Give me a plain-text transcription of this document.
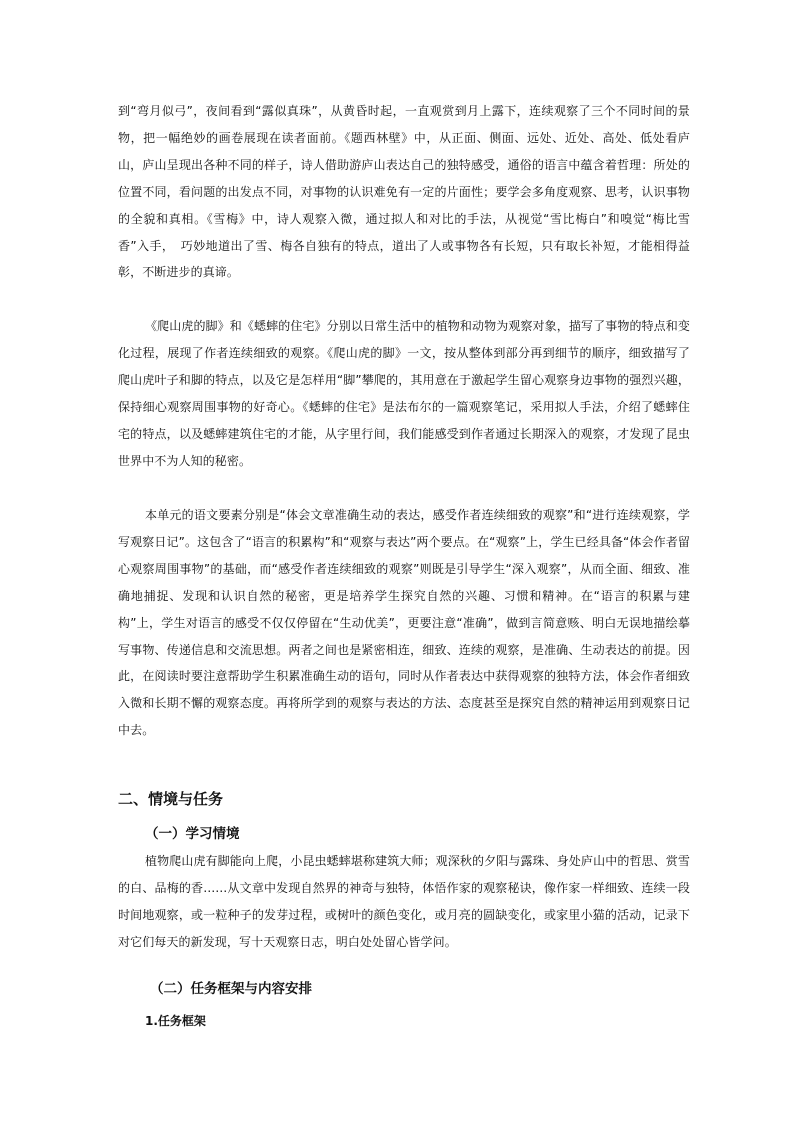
到“弯月似弓”，夜间看到“露似真珠”，从黄昏时起，一直观赏到月上露下，连续观察了三个不同时间的景物，把一幅绝妙的画卷展现在读者面前。《题西林壁》中，从正面、侧面、远处、近处、高处、低处看庐山，庐山呈现出各种不同的样子，诗人借助游庐山表达自己的独特感受，通俗的语言中蕴含着哲理：所处的位置不同，看问题的出发点不同，对事物的认识难免有一定的片面性；要学会多角度观察、思考，认识事物的全貌和真相。《雪梅》中，诗人观察入微，通过拟人和对比的手法，从视觉“雪比梅白”和嗅觉“梅比雪香”入手，　巧妙地道出了雪、梅各自独有的特点，道出了人或事物各有长短，只有取长补短，才能相得益彰，不断进步的真谛。

《爬山虎的脚》和《蟋蟀的住宅》分别以日常生活中的植物和动物为观察对象，描写了事物的特点和变化过程，展现了作者连续细致的观察。《爬山虎的脚》一文，按从整体到部分再到细节的顺序，细致描写了爬山虎叶子和脚的特点，以及它是怎样用“脚”攀爬的，其用意在于激起学生留心观察身边事物的强烈兴趣，保持细心观察周围事物的好奇心。《蟋蟀的住宅》是法布尔的一篇观察笔记，采用拟人手法，介绍了蟋蟀住宅的特点，以及蟋蟀建筑住宅的才能，从字里行间，我们能感受到作者通过长期深入的观察，才发现了昆虫世界中不为人知的秘密。

本单元的语文要素分别是“体会文章准确生动的表达，感受作者连续细致的观察”和“进行连续观察，学写观察日记”。这包含了“语言的积累构”和“观察与表达”两个要点。在“观察”上，学生已经具备“体会作者留心观察周围事物”的基础，而“感受作者连续细致的观察”则既是引导学生“深入观察”，从而全面、细致、准确地捕捉、发现和认识自然的秘密，更是培养学生探究自然的兴趣、习惯和精神。在“语言的积累与建构”上，学生对语言的感受不仅仅停留在“生动优美”，更要注意“准确”，做到言简意赅、明白无误地描绘摹写事物、传递信息和交流思想。两者之间也是紧密相连，细致、连续的观察，是准确、生动表达的前提。因此，在阅读时要注意帮助学生积累准确生动的语句，同时从作者表达中获得观察的独特方法，体会作者细致入微和长期不懈的观察态度。再将所学到的观察与表达的方法、态度甚至是探究自然的精神运用到观察日记中去。

二、情境与任务
（一）学习情境

植物爬山虎有脚能向上爬，小昆虫蟋蟀堪称建筑大师；观深秋的夕阳与露珠、身处庐山中的哲思、赏雪的白、品梅的香……从文章中发现自然界的神奇与独特，体悟作家的观察秘诀，像作家一样细致、连续一段时间地观察，或一粒种子的发芽过程，或树叶的颜色变化，或月亮的圆缺变化，或家里小猫的活动，记录下对它们每天的新发现，写十天观察日志，明白处处留心皆学问。

（二）任务框架与内容安排
1.任务框架
